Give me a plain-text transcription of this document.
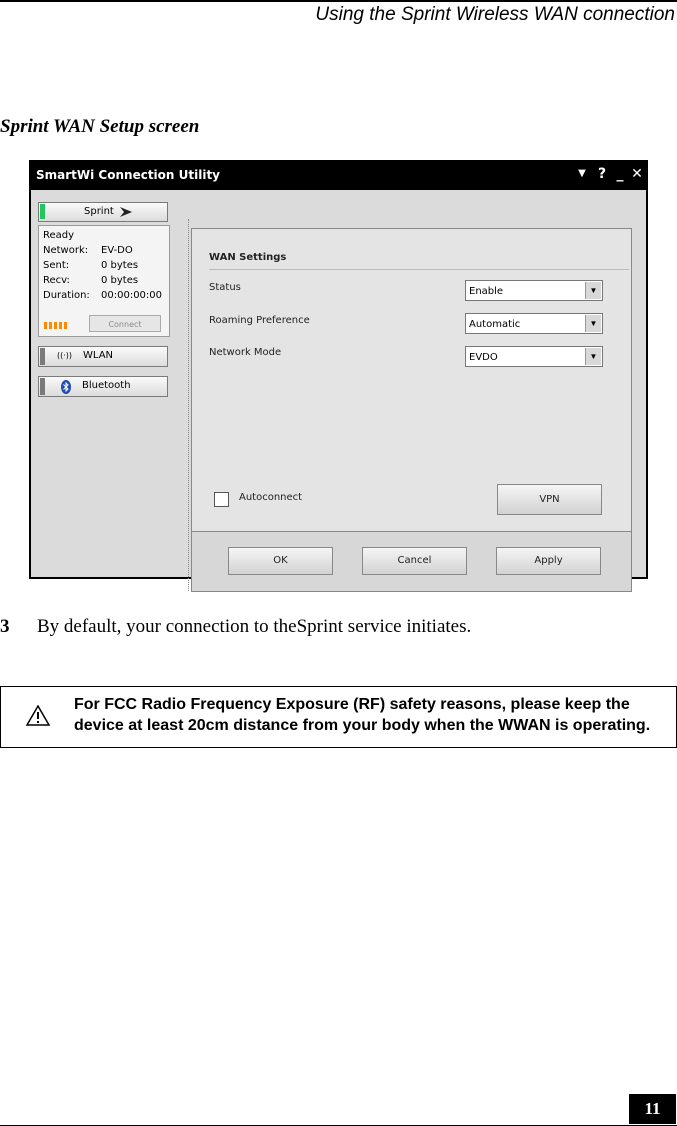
Using the Sprint Wireless WAN connection
Sprint WAN Setup screen
SmartWi Connection Utility	▼ ? _ ✕
Sprint
Ready
Network: EV-DO
Sent:	0 bytes
Recv:	0 bytes
Duration: 00:00:00:00
Connect
((·)) WLAN
Bluetooth
WAN Settings
Status	Enable	▼
Roaming Preference	Automatic	▼
Network Mode	EVDO	▼
Autoconnect	VPN
OK	Cancel	Apply
3 By default, your connection to theSprint service initiates.
For FCC Radio Frequency Exposure (RF) safety reasons, please keep the device at least 20cm distance from your body when the WWAN is operating.
11
